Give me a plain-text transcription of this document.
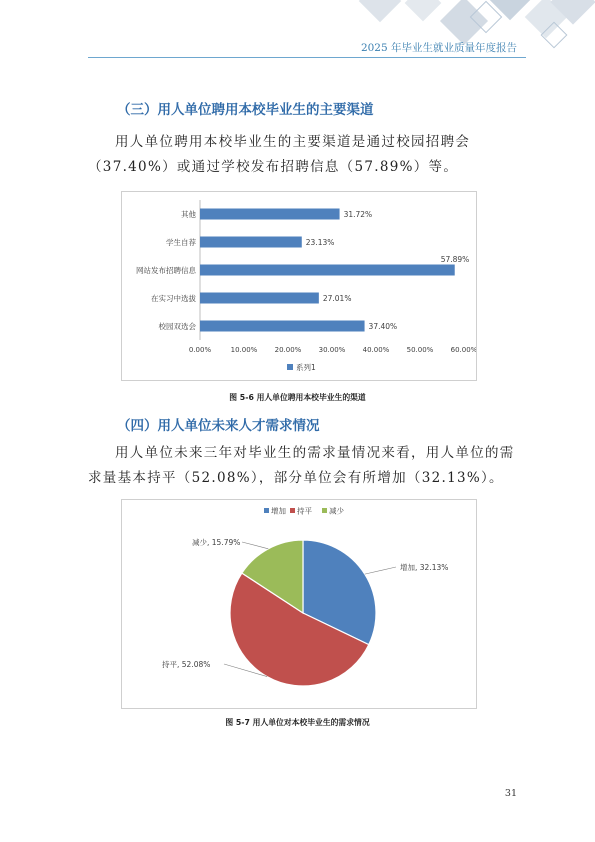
2025 年毕业生就业质量年度报告
（三）用人单位聘用本校毕业生的主要渠道

用人单位聘用本校毕业生的主要渠道是通过校园招聘会（37.40%）或通过学校发布招聘信息（57.89%）等。

其他	31.72%
学生自荐	23.13%
网站发布招聘信息
57.89%
在实习中选拔	27.01%
校园双选会	37.40%
0.00%	10.00% 20.00% 30.00% 40.00% 50.00% 60.00%
系列1
图 5-6 用人单位聘用本校毕业生的渠道
（四）用人单位未来人才需求情况

用人单位未来三年对毕业生的需求量情况来看，用人单位的需求量基本持平（52.08%），部分单位会有所增加（32.13%）。

增加 持平 减少
增加, 32.13%
持平, 52.08%
减少, 15.79%
图 5-7 用人单位对本校毕业生的需求情况
31
